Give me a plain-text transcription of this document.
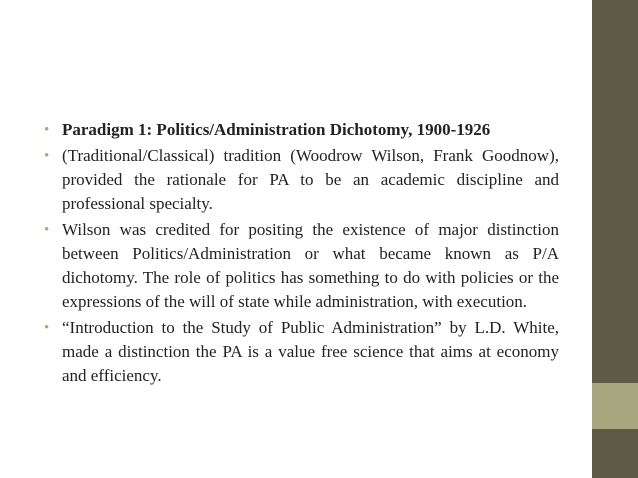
• Paradigm 1: Politics/Administration Dichotomy, 1900-1926
• (Traditional/Classical) tradition (Woodrow Wilson, Frank Goodnow), provided the rationale for PA to be an academic discipline and professional specialty.
• Wilson was credited for positing the existence of major distinction between Politics/Administration or what became known as P/A dichotomy. The role of politics has something to do with policies or the expressions of the will of state while administration, with execution.
• “Introduction to the Study of Public Administration” by L.D. White, made a distinction the PA is a value free science that aims at economy and efficiency.
